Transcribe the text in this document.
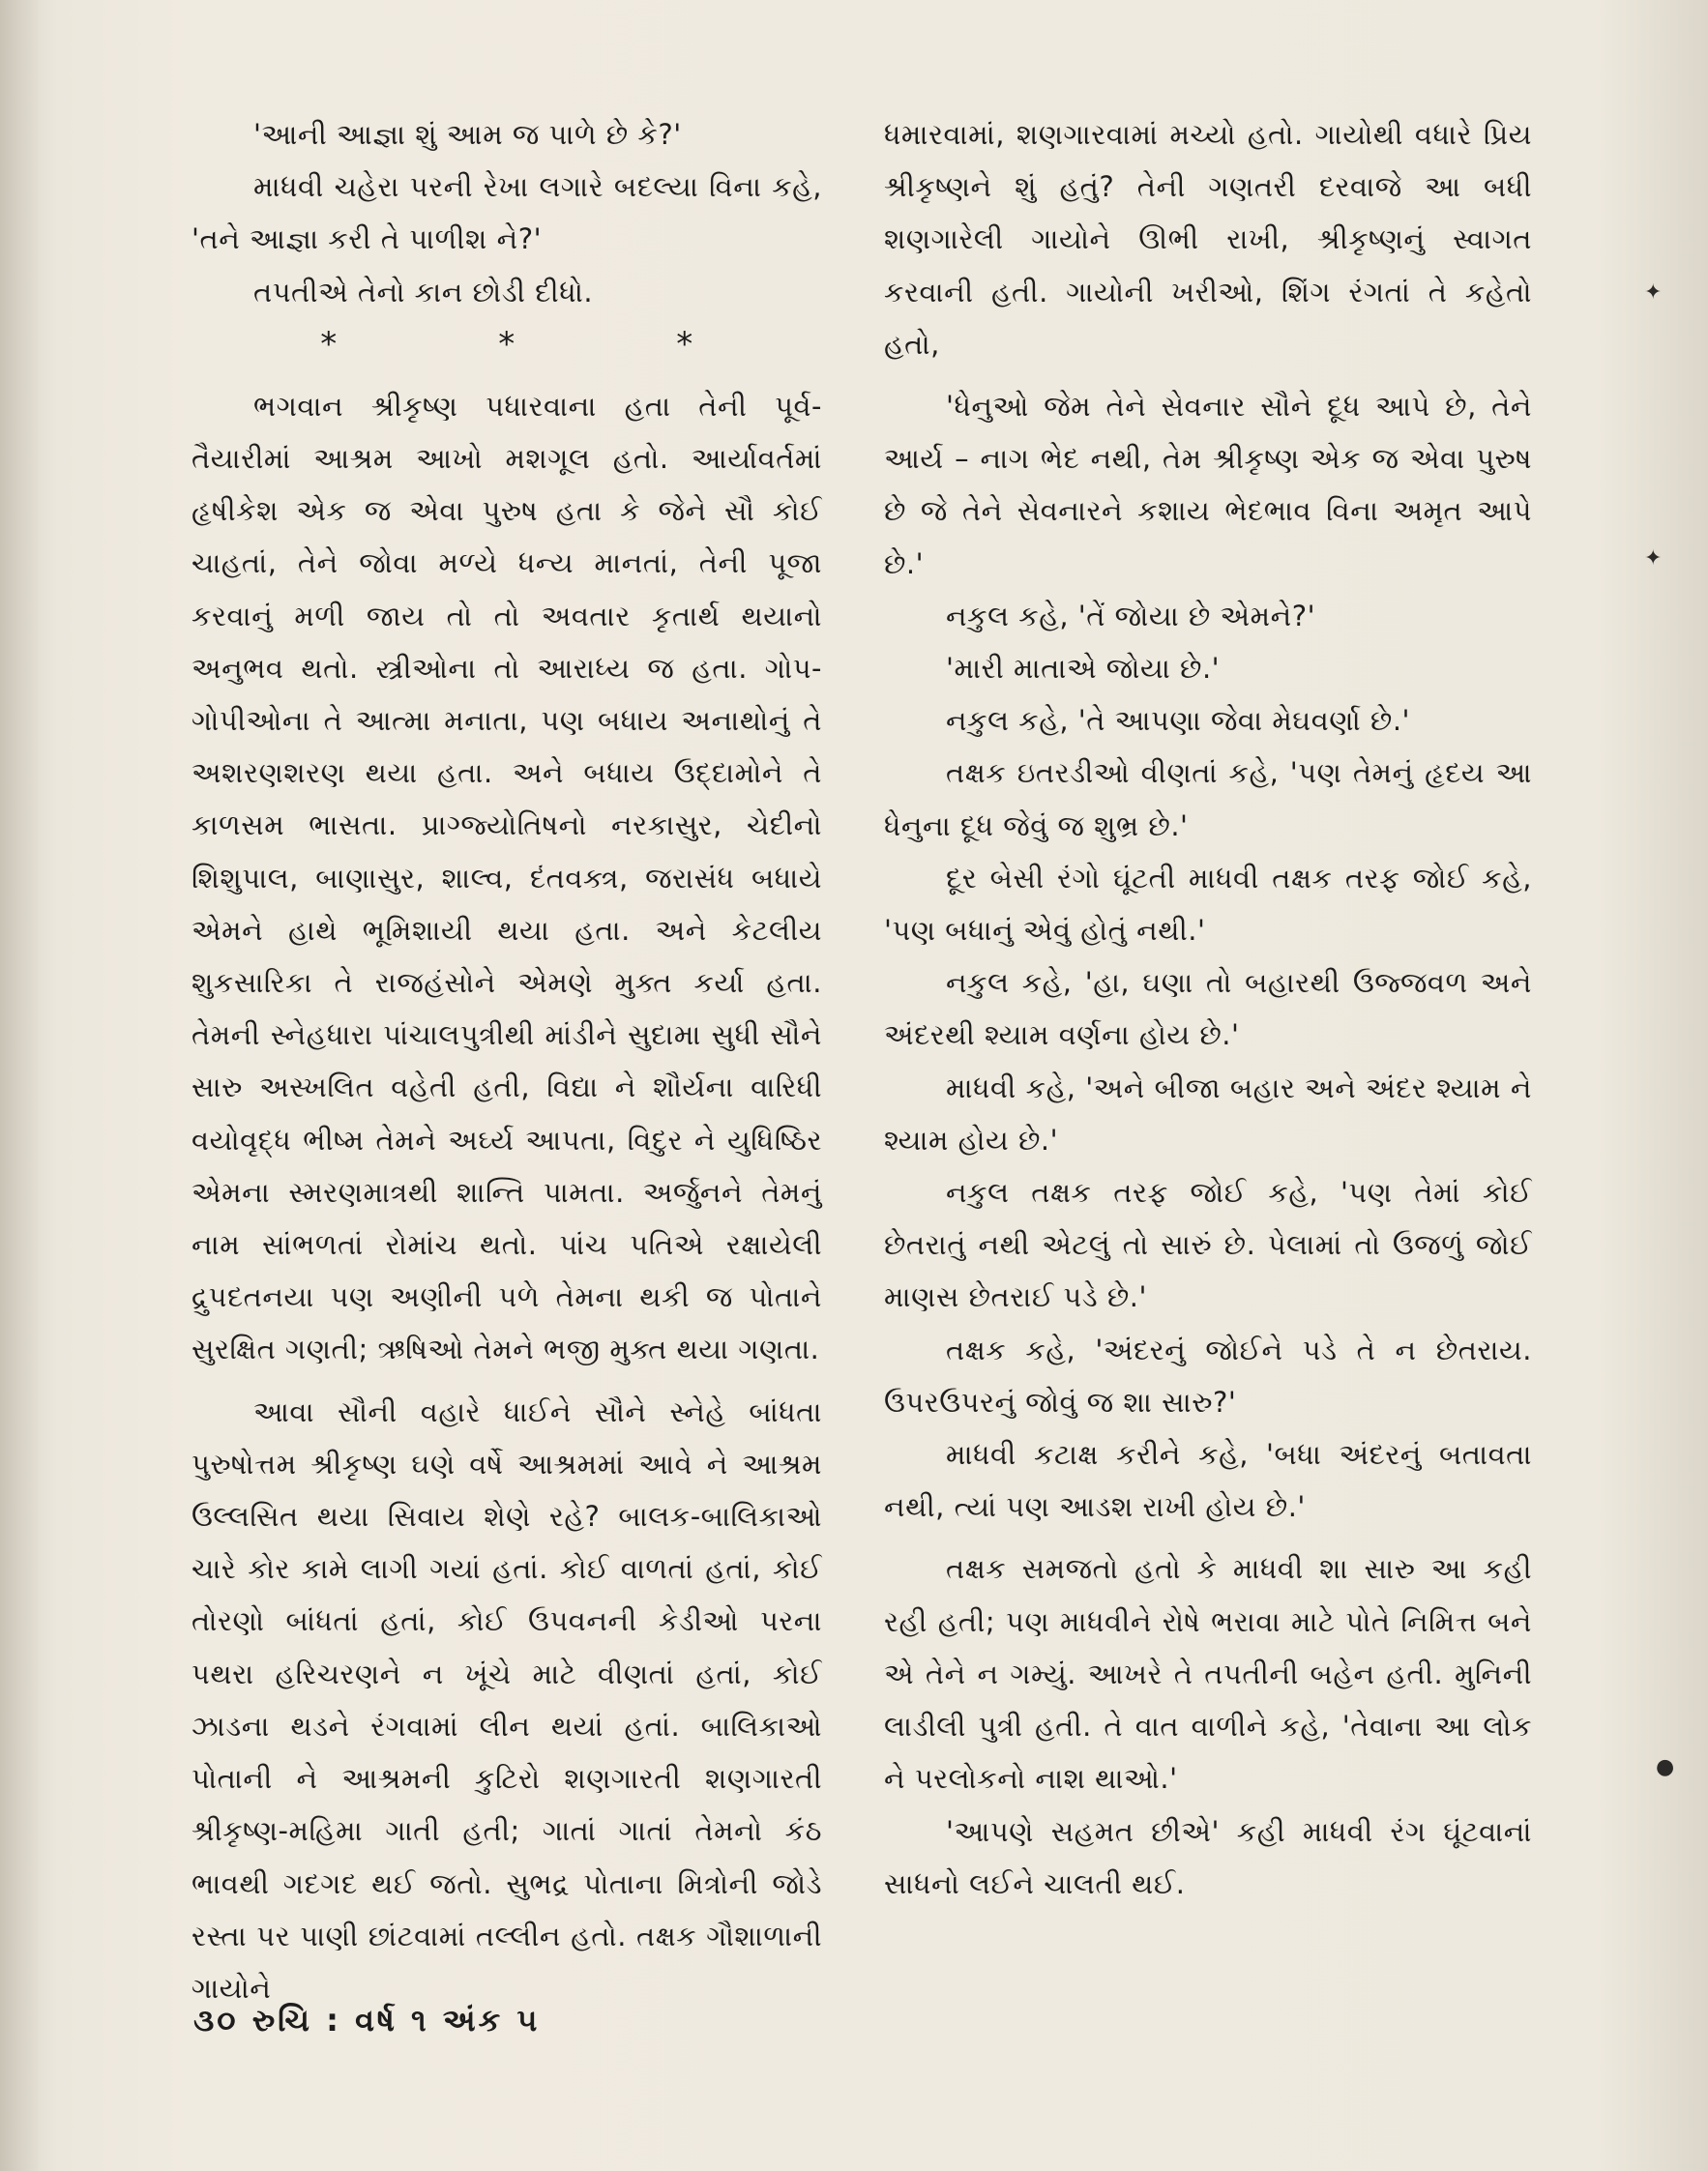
'આની આજ્ઞા શું આમ જ પાળે છે કે?'

માધવી ચહેરા પરની રેખા લગારે બદલ્યા વિના કહે, 'તને આજ્ઞા કરી તે પાળીશ ને?'

તપતીએ તેનો કાન છોડી દીધો.

*	*	*

ભગવાન શ્રીકૃષ્ણ પધારવાના હતા તેની પૂર્વ-તૈયારીમાં આશ્રમ આખો મશગૂલ હતો. આર્યાવર્તમાં હૃષીકેશ એક જ એવા પુરુષ હતા કે જેને સૌ કોઈ ચાહતાં, તેને જોવા મળ્યે ધન્ય માનતાં, તેની પૂજા કરવાનું મળી જાય તો તો અવતાર કૃતાર્થ થયાનો અનુભવ થતો. સ્ત્રીઓના તો આરાધ્ય જ હતા. ગોપ-ગોપીઓના તે આત્મા મનાતા, પણ બધાય અનાથોનું તે અશરણશરણ થયા હતા. અને બધાય ઉદ્દામોને તે કાળસમ ભાસતા. પ્રાગ્જ્યોતિષનો નરકાસુર, ચેદીનો શિશુપાલ, બાણાસુર, શાલ્વ, દંતવક્ત્ર, જરાસંધ બધાયે એમને હાથે ભૂમિશાયી થયા હતા. અને કેટલીય શુકસારિકા તે રાજહંસોને એમણે મુક્ત કર્યા હતા. તેમની સ્નેહધારા પાંચાલપુત્રીથી માંડીને સુદામા સુધી સૌને સારુ અસ્ખલિત વહેતી હતી, વિદ્યા ને શૌર્યના વારિધી વયોવૃદ્ધ ભીષ્મ તેમને અર્ઘ્ય આપતા, વિદુર ને યુધિષ્ઠિર એમના સ્મરણમાત્રથી શાન્તિ પામતા. અર્જુનને તેમનું નામ સાંભળતાં રોમાંચ થતો. પાંચ પતિએ રક્ષાયેલી દ્રુપદતનયા પણ અણીની પળે તેમના થકી જ પોતાને સુરક્ષિત ગણતી; ઋષિઓ તેમને ભજી મુક્ત થયા ગણતા.

આવા સૌની વહારે ધાઈને સૌને સ્નેહે બાંધતા પુરુષોત્તમ શ્રીકૃષ્ણ ઘણે વર્ષે આશ્રમમાં આવે ને આશ્રમ ઉલ્લસિત થયા સિવાય શેણે રહે? બાલક-બાલિકાઓ ચારે કોર કામે લાગી ગયાં હતાં. કોઈ વાળતાં હતાં, કોઈ તોરણો બાંધતાં હતાં, કોઈ ઉપવનની કેડીઓ પરના પથરા હરિચરણને ન ખૂંચે માટે વીણતાં હતાં, કોઈ ઝાડના થડને રંગવામાં લીન થયાં હતાં. બાલિકાઓ પોતાની ને આશ્રમની કુટિરો શણગારતી શણગારતી શ્રીકૃષ્ણ-મહિમા ગાતી હતી; ગાતાં ગાતાં તેમનો કંઠ ભાવથી ગદગદ થઈ જતો. સુભદ્ર પોતાના મિત્રોની જોડે રસ્તા પર પાણી છાંટવામાં તલ્લીન હતો. તક્ષક ગૌશાળાની ગાયોને

ધમારવામાં, શણગારવામાં મચ્યો હતો. ગાયોથી વધારે પ્રિય શ્રીકૃષ્ણને શું હતું? તેની ગણતરી દરવાજે આ બધી શણગારેલી ગાયોને ઊભી રાખી, શ્રીકૃષ્ણનું સ્વાગત કરવાની હતી. ગાયોની ખરીઓ, શિંગ રંગતાં તે કહેતો હતો,

'ધેનુઓ જેમ તેને સેવનાર સૌને દૂધ આપે છે, તેને આર્ય – નાગ ભેદ નથી, તેમ શ્રીકૃષ્ણ એક જ એવા પુરુષ છે જે તેને સેવનારને કશાય ભેદભાવ વિના અમૃત આપે છે.'

નકુલ કહે, 'તેં જોયા છે એમને?'

'મારી માતાએ જોયા છે.'

નકુલ કહે, 'તે આપણા જેવા મેઘવર્ણા છે.'

તક્ષક ઇતરડીઓ વીણતાં કહે, 'પણ તેમનું હૃદય આ ધેનુના દૂધ જેવું જ શુભ્ર છે.'

દૂર બેસી રંગો ઘૂંટતી માધવી તક્ષક તરફ જોઈ કહે, 'પણ બધાનું એવું હોતું નથી.'

નકુલ કહે, 'હા, ઘણા તો બહારથી ઉજ્જવળ અને અંદરથી શ્યામ વર્ણના હોય છે.'

માધવી કહે, 'અને બીજા બહાર અને અંદર શ્યામ ને શ્યામ હોય છે.'

નકુલ તક્ષક તરફ જોઈ કહે, 'પણ તેમાં કોઈ છેતરાતું નથી એટલું તો સારું છે. પેલામાં તો ઉજળું જોઈ માણસ છેતરાઈ પડે છે.'

તક્ષક કહે, 'અંદરનું જોઈને પડે તે ન છેતરાય. ઉપરઉપરનું જોવું જ શા સારુ?'

માધવી કટાક્ષ કરીને કહે, 'બધા અંદરનું બતાવતા નથી, ત્યાં પણ આડશ રાખી હોય છે.'

તક્ષક સમજતો હતો કે માધવી શા સારુ આ કહી રહી હતી; પણ માધવીને રોષે ભરાવા માટે પોતે નિમિત્ત બને એ તેને ન ગમ્યું. આખરે તે તપતીની બહેન હતી. મુનિની લાડીલી પુત્રી હતી. તે વાત વાળીને કહે, 'તેવાના આ લોક ને પરલોકનો નાશ થાઓ.'

'આપણે સહમત છીએ' કહી માધવી રંગ ઘૂંટવાનાં સાધનો લઈને ચાલતી થઈ.

૩૦ રુચિ : વર્ષ ૧ અંક ૫
✦
✦
●
